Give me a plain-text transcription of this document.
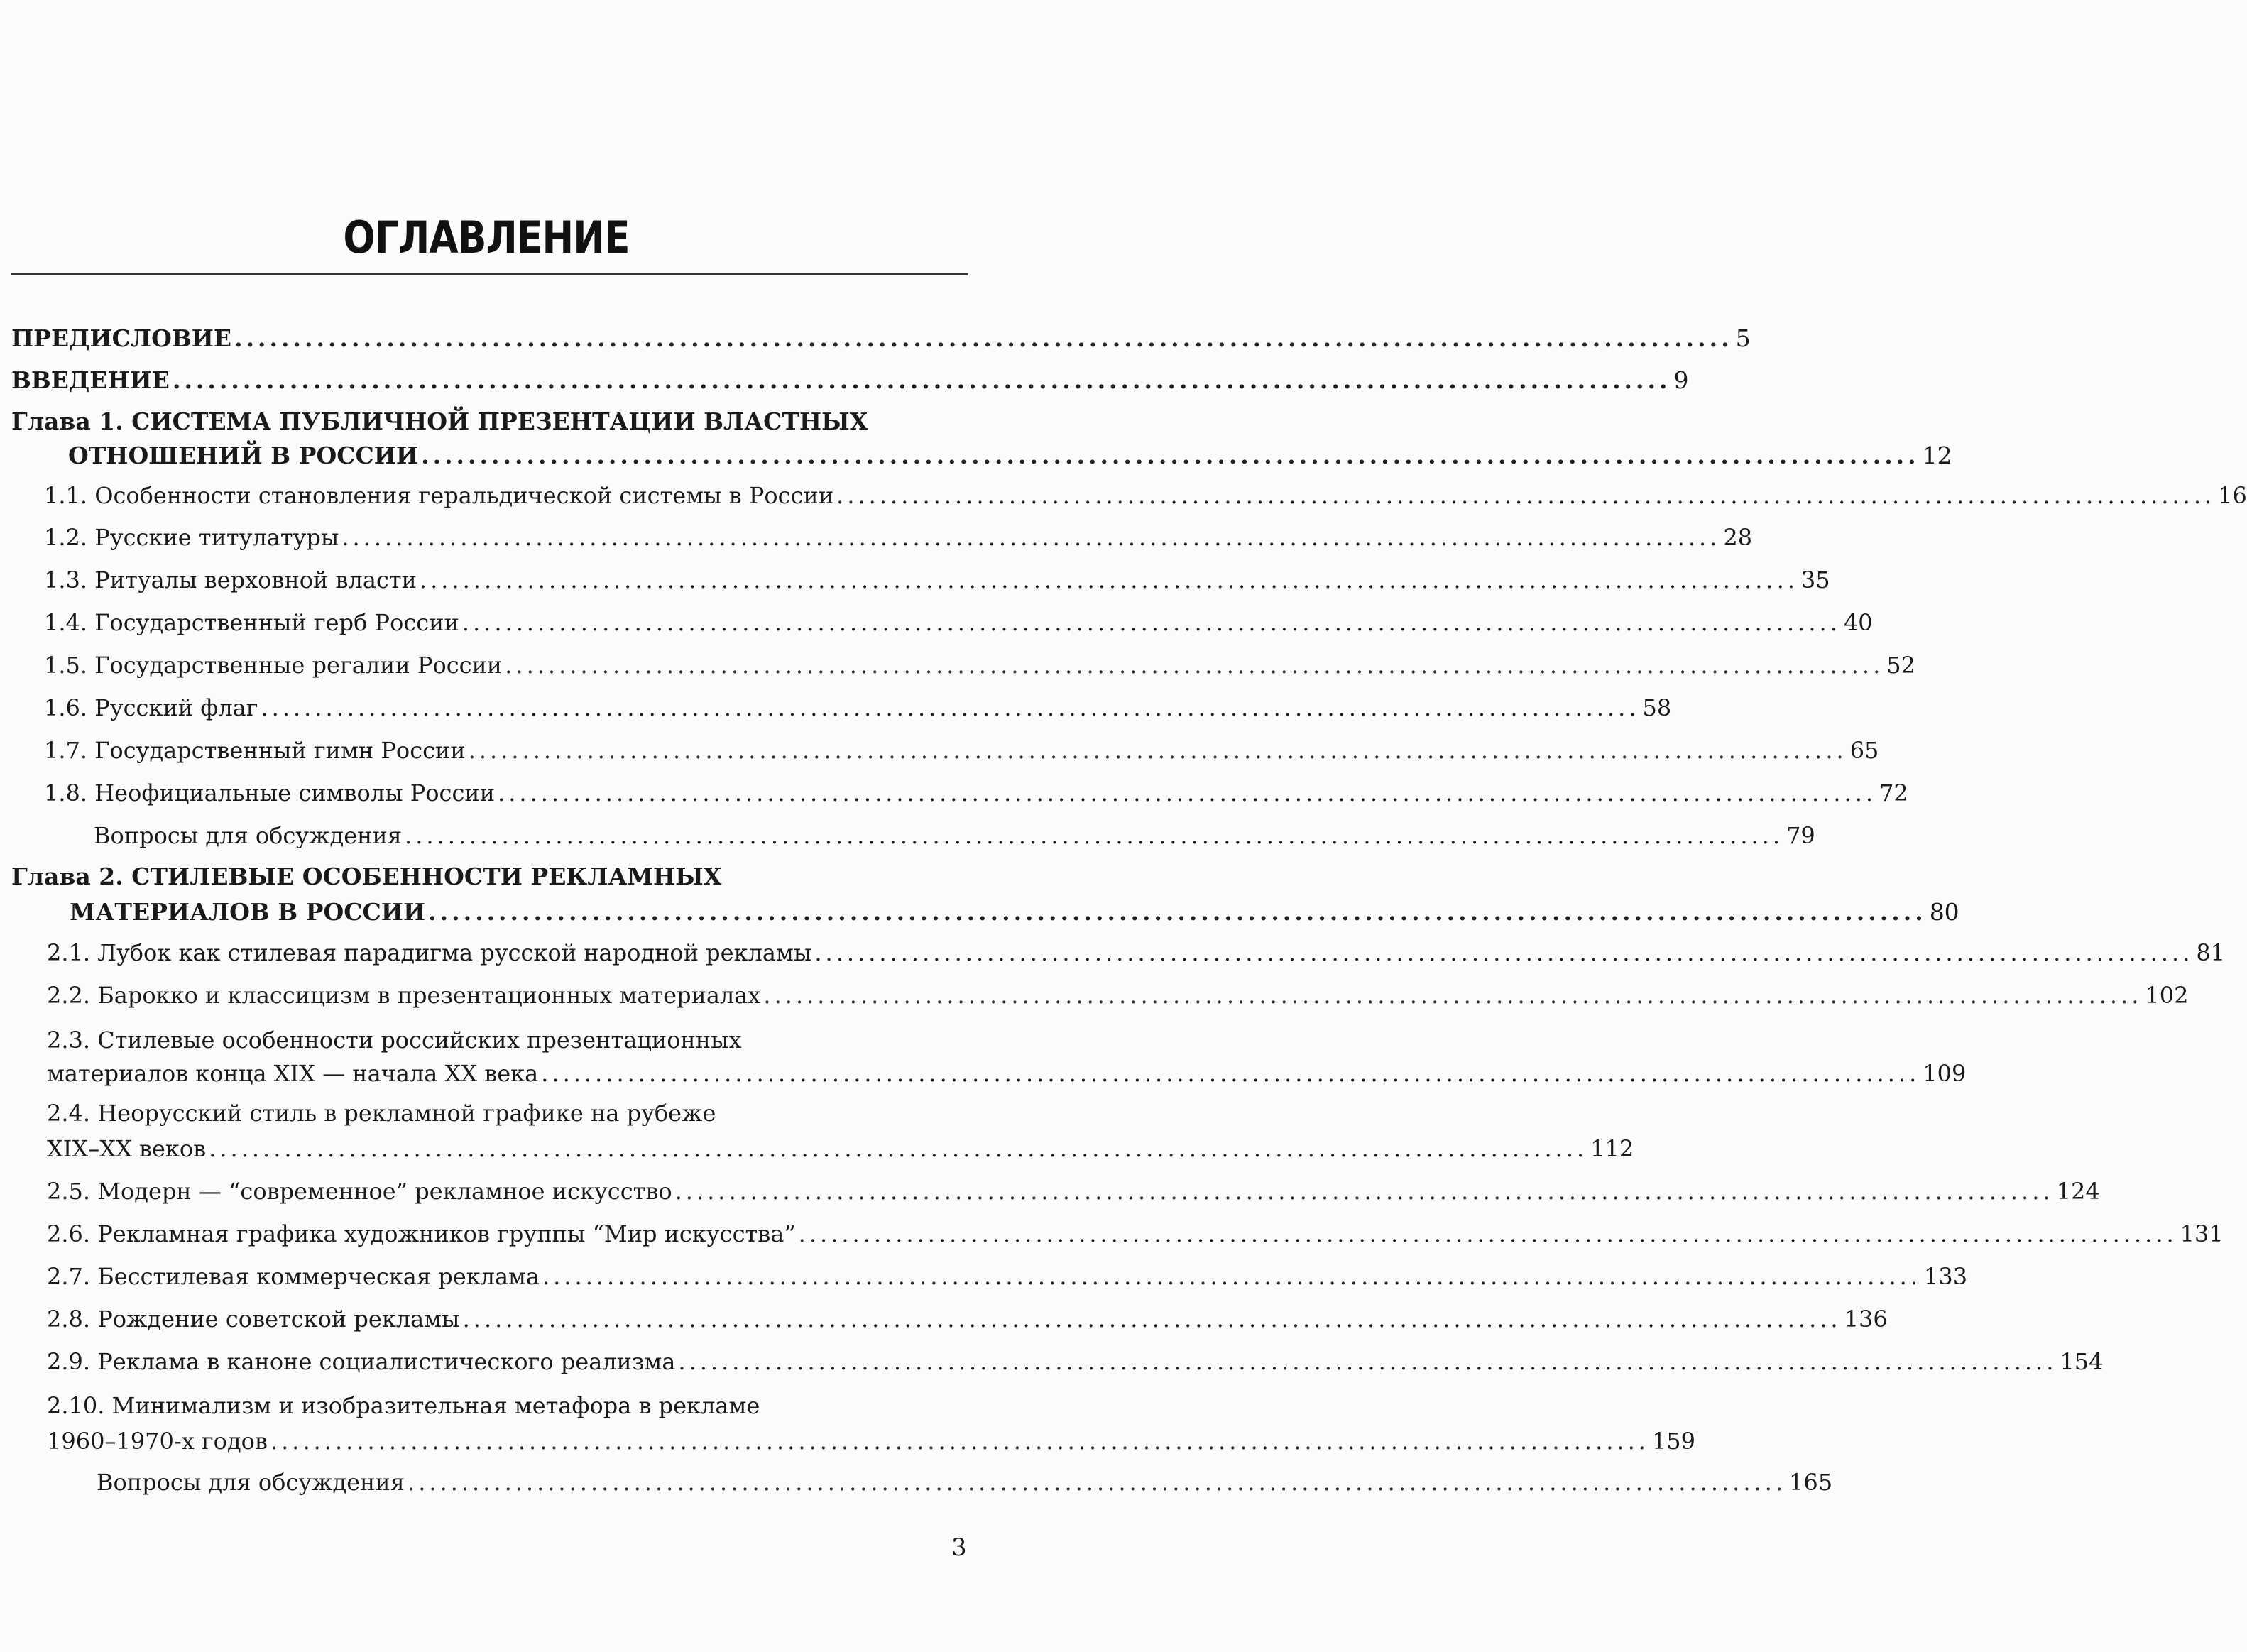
ОГЛАВЛЕНИЕ
ПРЕДИСЛОВИЕ ................................................................................................................................ 5
ВВЕДЕНИЕ ................................................................................................................................ 9
Глава 1. СИСТЕМА ПУБЛИЧНОЙ ПРЕЗЕНТАЦИИ ВЛАСТНЫХ
ОТНОШЕНИЙ В РОССИИ ................................................................................................................................ 12
1.1. Особенности становления геральдической системы в России ................................................................................................................................ 16
1.2. Русские титулатуры ................................................................................................................................ 28
1.3. Ритуалы верховной власти ................................................................................................................................ 35
1.4. Государственный герб России ................................................................................................................................ 40
1.5. Государственные регалии России ................................................................................................................................ 52
1.6. Русский флаг ................................................................................................................................ 58
1.7. Государственный гимн России ................................................................................................................................ 65
1.8. Неофициальные символы России ................................................................................................................................ 72
Вопросы для обсуждения ................................................................................................................................ 79
Глава 2. СТИЛЕВЫЕ ОСОБЕННОСТИ РЕКЛАМНЫХ
МАТЕРИАЛОВ В РОССИИ ................................................................................................................................ 80
2.1. Лубок как стилевая парадигма русской народной рекламы ................................................................................................................................ 81
2.2. Барокко и классицизм в презентационных материалах ................................................................................................................................ 102
2.3. Стилевые особенности российских презентационных
материалов конца XIX — начала XX века ................................................................................................................................ 109
2.4. Неорусский стиль в рекламной графике на рубеже
XIX–XX веков ................................................................................................................................ 112
2.5. Модерн — “современное” рекламное искусство ................................................................................................................................ 124
2.6. Рекламная графика художников группы “Мир искусства” ................................................................................................................................ 131
2.7. Бесстилевая коммерческая реклама ................................................................................................................................ 133
2.8. Рождение советской рекламы ................................................................................................................................ 136
2.9. Реклама в каноне социалистического реализма ................................................................................................................................ 154
2.10. Минимализм и изобразительная метафора в рекламе
1960–1970-х годов ................................................................................................................................ 159
Вопросы для обсуждения ................................................................................................................................ 165
3
